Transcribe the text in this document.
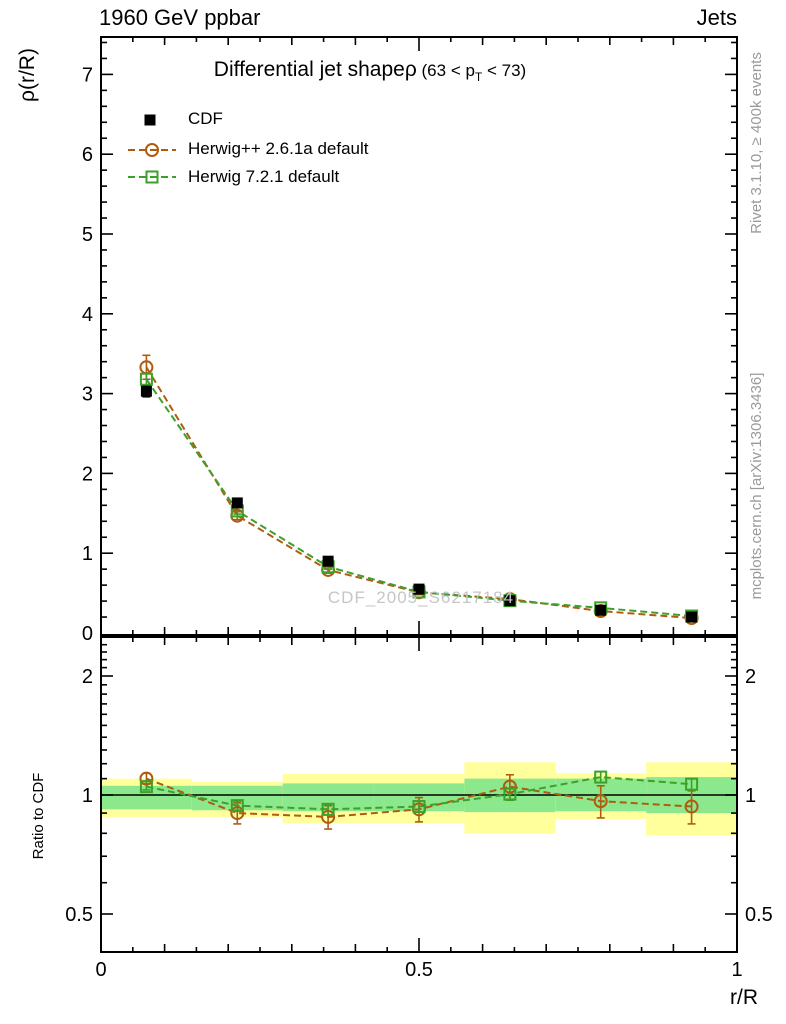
0
1
2
3
4
5
6
7
0.5	0.5
1	1
2	2
0	0.5	1
1960 GeV ppbar	Jets
Differential jet shapeρ $(63 < p_T < 73)$
CDF
Herwig++ 2.6.1a default
Herwig 7.2.1 default
ρ(r/R)
Ratio to CDF
r/R
Rivet 3.1.10, ≥ 400k events
mcplots.cern.ch [arXiv:1306.3436]
CDF_2005_S6217184
